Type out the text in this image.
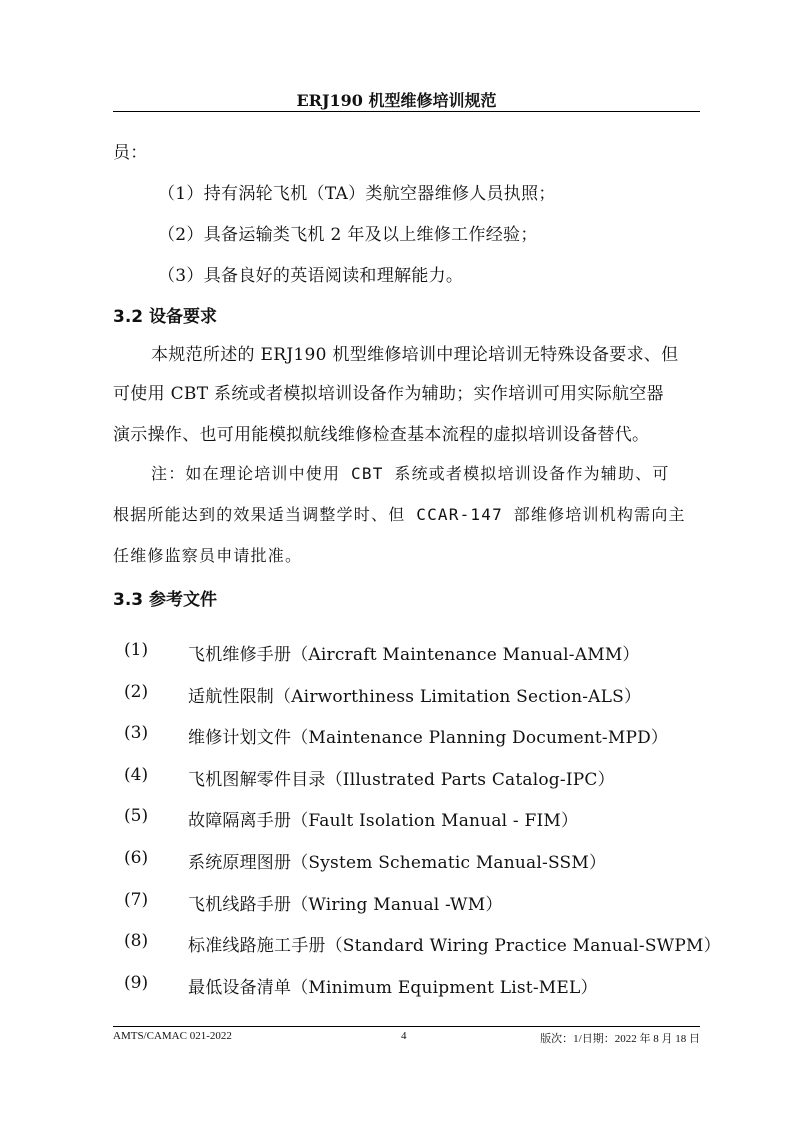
ERJ190 机型维修培训规范
员：
（1）持有涡轮飞机（TA）类航空器维修人员执照；
（2）具备运输类飞机 2 年及以上维修工作经验；
（3）具备良好的英语阅读和理解能力。
3.2 设备要求
本规范所述的 ERJ190 机型维修培训中理论培训无特殊设备要求、但
可使用 CBT 系统或者模拟培训设备作为辅助；实作培训可用实际航空器
演示操作、也可用能模拟航线维修检查基本流程的虚拟培训设备替代。
注：如在理论培训中使用 CBT 系统或者模拟培训设备作为辅助、可
根据所能达到的效果适当调整学时、但 CCAR-147 部维修培训机构需向主
任维修监察员申请批准。
3.3 参考文件
(1) 飞机维修手册（Aircraft Maintenance Manual-AMM）
(2) 适航性限制（Airworthiness Limitation Section-ALS）
(3) 维修计划文件（Maintenance Planning Document-MPD）
(4) 飞机图解零件目录（Illustrated Parts Catalog-IPC）
(5) 故障隔离手册（Fault Isolation Manual - FIM）
(6) 系统原理图册（System Schematic Manual-SSM）
(7) 飞机线路手册（Wiring Manual -WM）
(8) 标准线路施工手册（Standard Wiring Practice Manual-SWPM）
(9) 最低设备清单（Minimum Equipment List-MEL）
AMTS/CAMAC 021-2022	4	版次：1/日期：2022 年 8 月 18 日
